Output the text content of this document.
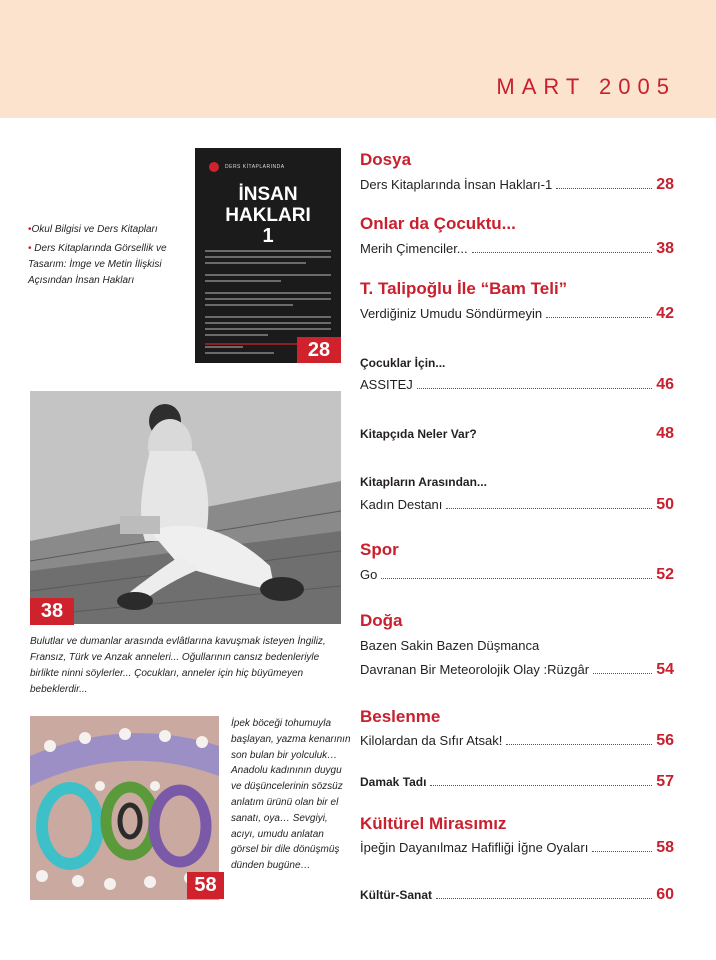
MART 2005
DERS KİTAPLARINDA
İNSAN
HAKLARI
1
28

•Okul Bilgisi ve Ders Kitapları

• Ders Kitaplarında Görsellik ve Tasarım: İmge ve Metin İlişkisi Açısından İnsan Hakları

38
Bulutlar ve dumanlar arasında evlâtlarına kavuşmak isteyen İngiliz, Fransız, Türk ve Anzak anneleri... Oğullarının cansız bedenleriyle birlikte ninni söylerler... Çocukları, anneler için hiç büyümeyen bebeklerdir...
58
İpek böceği tohumuyla başlayan, yazma kenarının son bulan bir yolculuk… Anadolu kadınının duygu ve düşüncelerinin sözsüz anlatım ürünü olan bir el sanatı, oya… Sevgiyi, acıyı, umudu anlatan görsel bir dile dönüşmüş dünden bugüne…
Dosya
Ders Kitaplarında İnsan Hakları-1	28
Onlar da Çocuktu...
Merih Çimenciler...	38
T. Talipoğlu İle “Bam Teli”
Verdiğiniz Umudu Söndürmeyin	42
Çocuklar İçin...
ASSITEJ	46
Kitapçıda Neler Var?	48
Kitapların Arasından...
Kadın Destanı	50
Spor
Go	52
Doğa
Bazen Sakin Bazen Düşmanca
Davranan Bir Meteorolojik Olay :Rüzgâr	54
Beslenme
Kilolardan da Sıfır Atsak!	56
Damak Tadı	57
Kültürel Mirasımız
İpeğin Dayanılmaz Hafifliği İğne Oyaları	58
Kültür-Sanat	60
